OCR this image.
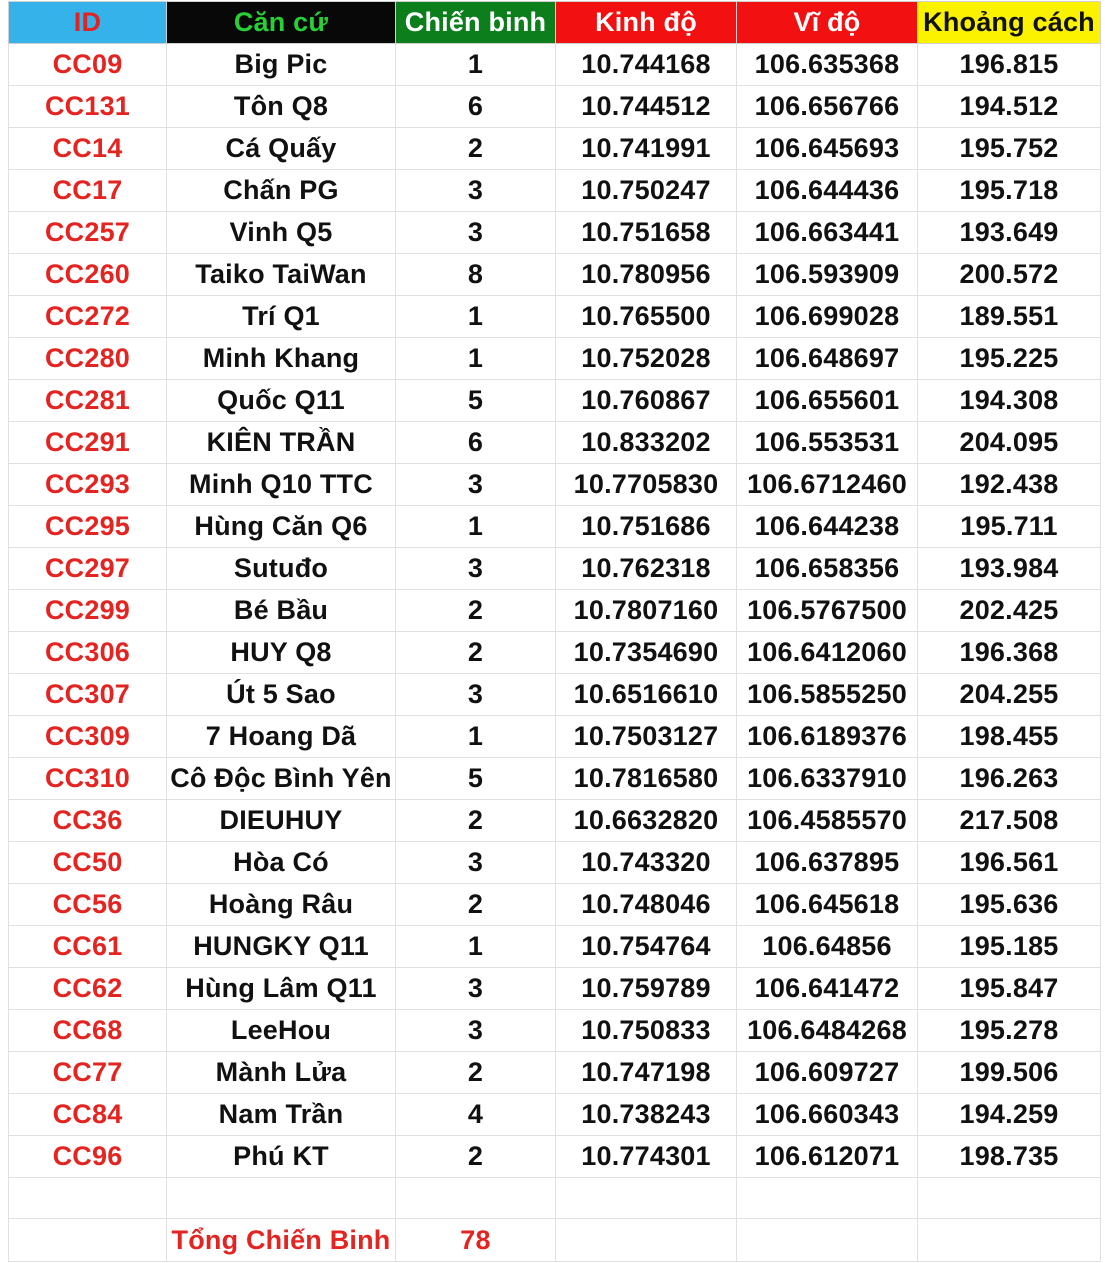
ID	Căn cứ	Chiến binh	Kinh độ	Vĩ độ	Khoảng cách
CC09	Big Pic	1	10.744168	106.635368	196.815
CC131	Tôn Q8	6	10.744512	106.656766	194.512
CC14	Cá Quấy	2	10.741991	106.645693	195.752
CC17	Chấn PG	3	10.750247	106.644436	195.718
CC257	Vinh Q5	3	10.751658	106.663441	193.649
CC260	Taiko TaiWan	8	10.780956	106.593909	200.572
CC272	Trí Q1	1	10.765500	106.699028	189.551
CC280	Minh Khang	1	10.752028	106.648697	195.225
CC281	Quốc Q11	5	10.760867	106.655601	194.308
CC291	KIÊN TRẦN	6	10.833202	106.553531	204.095
CC293	Minh Q10 TTC	3	10.7705830	106.6712460	192.438
CC295	Hùng Căn Q6	1	10.751686	106.644238	195.711
CC297	Sutuđo	3	10.762318	106.658356	193.984
CC299	Bé Bầu	2	10.7807160	106.5767500	202.425
CC306	HUY Q8	2	10.7354690	106.6412060	196.368
CC307	Út 5 Sao	3	10.6516610	106.5855250	204.255
CC309	7 Hoang Dã	1	10.7503127	106.6189376	198.455
CC310	Cô Độc Bình Yên	5	10.7816580	106.6337910	196.263
CC36	DIEUHUY	2	10.6632820	106.4585570	217.508
CC50	Hòa Có	3	10.743320	106.637895	196.561
CC56	Hoàng Râu	2	10.748046	106.645618	195.636
CC61	HUNGKY Q11	1	10.754764	106.64856	195.185
CC62	Hùng Lâm Q11	3	10.759789	106.641472	195.847
CC68	LeeHou	3	10.750833	106.6484268	195.278
CC77	Mành Lửa	2	10.747198	106.609727	199.506
CC84	Nam Trần	4	10.738243	106.660343	194.259
CC96	Phú KT	2	10.774301	106.612071	198.735

	Tổng Chiến Binh	78			
